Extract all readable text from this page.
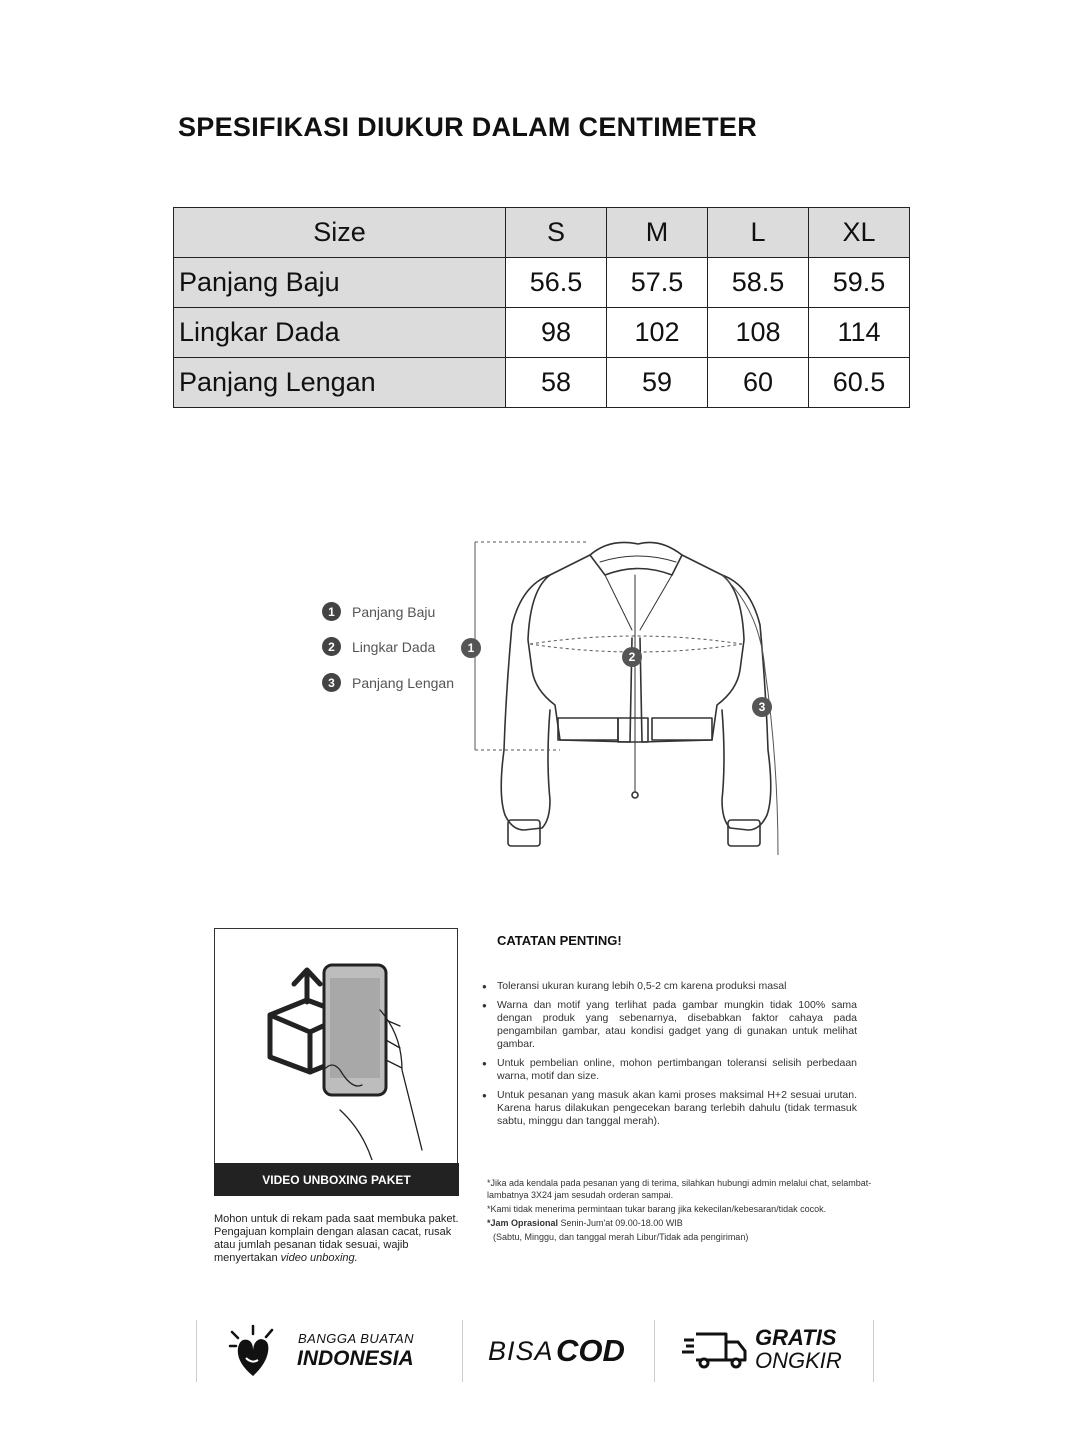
SPESIFIKASI DIUKUR DALAM CENTIMETER
Size	S	M	L	XL
Panjang Baju	56.5	57.5	58.5	59.5
Lingkar Dada	98	102	108	114
Panjang Lengan	58	59	60	60.5
1	Panjang Baju
2	Lingkar Dada
3	Panjang Lengan
1
2
3
VIDEO UNBOXING PAKET
Mohon untuk di rekam pada saat membuka paket. Pengajuan komplain dengan alasan cacat, rusak atau jumlah pesanan tidak sesuai, wajib menyertakan video unboxing.
CATATAN PENTING!
● Toleransi ukuran kurang lebih 0,5-2 cm karena produksi masal
● Warna dan motif yang terlihat pada gambar mungkin tidak 100% sama dengan produk yang sebenarnya, disebabkan faktor cahaya pada pengambilan gambar, atau kondisi gadget yang di gunakan untuk melihat gambar.
● Untuk pembelian online, mohon pertimbangan toleransi selisih perbedaan warna, motif dan size.
● Untuk pesanan yang masuk akan kami proses maksimal H+2 sesuai urutan. Karena harus dilakukan pengecekan barang terlebih dahulu (tidak termasuk sabtu, minggu dan tanggal merah).

*Jika ada kendala pada pesanan yang di terima, silahkan hubungi admin melalui chat, selambat-lambatnya 3X24 jam sesudah orderan sampai.

*Kami tidak menerima permintaan tukar barang jika kekecilan/kebesaran/tidak cocok.

*Jam Oprasional Senin-Jum'at 09.00-18.00 WIB

(Sabtu, Minggu, dan tanggal merah Libur/Tidak ada pengiriman)

BANGGA BUATAN
INDONESIA	BISA COD	GRATIS
ONGKIR
